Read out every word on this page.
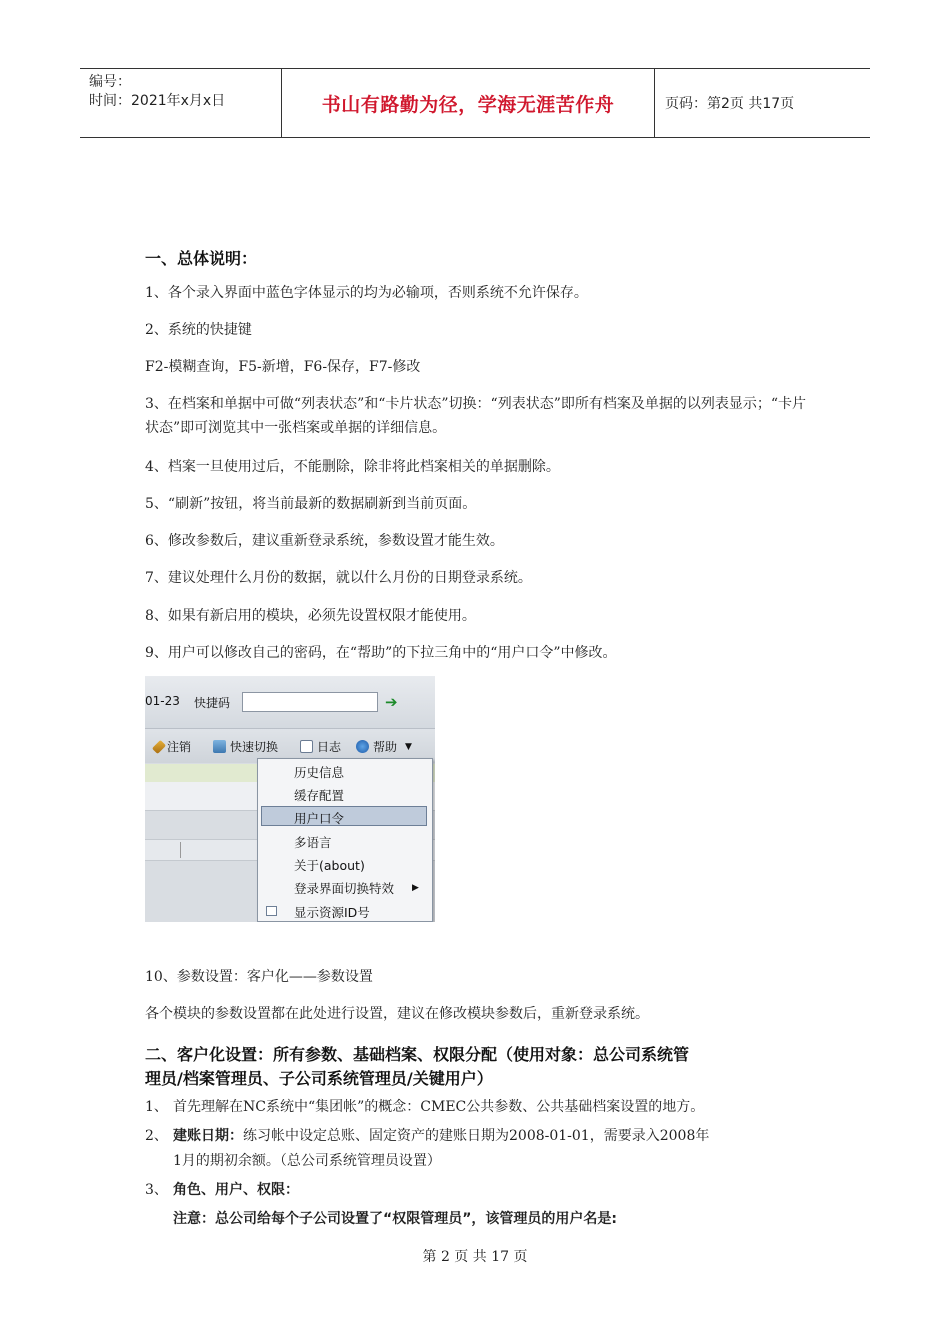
编号：
时间：2021年x月x日	书山有路勤为径，学海无涯苦作舟	页码：第2页 共17页
一、总体说明：
1、各个录入界面中蓝色字体显示的均为必输项，否则系统不允许保存。
2、系统的快捷键
F2-模糊查询，F5-新增，F6-保存，F7-修改
3、在档案和单据中可做“列表状态”和“卡片状态”切换：“列表状态”即所有档案及单据的以列表显示；“卡片状态”即可浏览其中一张档案或单据的详细信息。
4、档案一旦使用过后，不能删除，除非将此档案相关的单据删除。
5、“刷新”按钮，将当前最新的数据刷新到当前页面。
6、修改参数后，建议重新登录系统，参数设置才能生效。
7、建议处理什么月份的数据，就以什么月份的日期登录系统。
8、如果有新启用的模块，必须先设置权限才能使用。
9、用户可以修改自己的密码，在“帮助”的下拉三角中的“用户口令”中修改。
01-23 快捷码	➔
注销	快速切换	日志	帮助 ▼
历史信息
缓存配置
用户口令
多语言
关于(about)
登录界面切换特效 ▶
显示资源ID号
10、参数设置：客户化——参数设置
各个模块的参数设置都在此处进行设置，建议在修改模块参数后，重新登录系统。
二、客户化设置：所有参数、基础档案、权限分配（使用对象：总公司系统管
理员/档案管理员、子公司系统管理员/关键用户）
1、 首先理解在NC系统中“集团帐”的概念：CMEC公共参数、公共基础档案设置的地方。
2、 建账日期：练习帐中设定总账、固定资产的建账日期为2008-01-01，需要录入2008年
1月的期初余额。（总公司系统管理员设置）
3、 角色、用户、权限：
注意：总公司给每个子公司设置了“权限管理员”，该管理员的用户名是:
第 2 页 共 17 页
